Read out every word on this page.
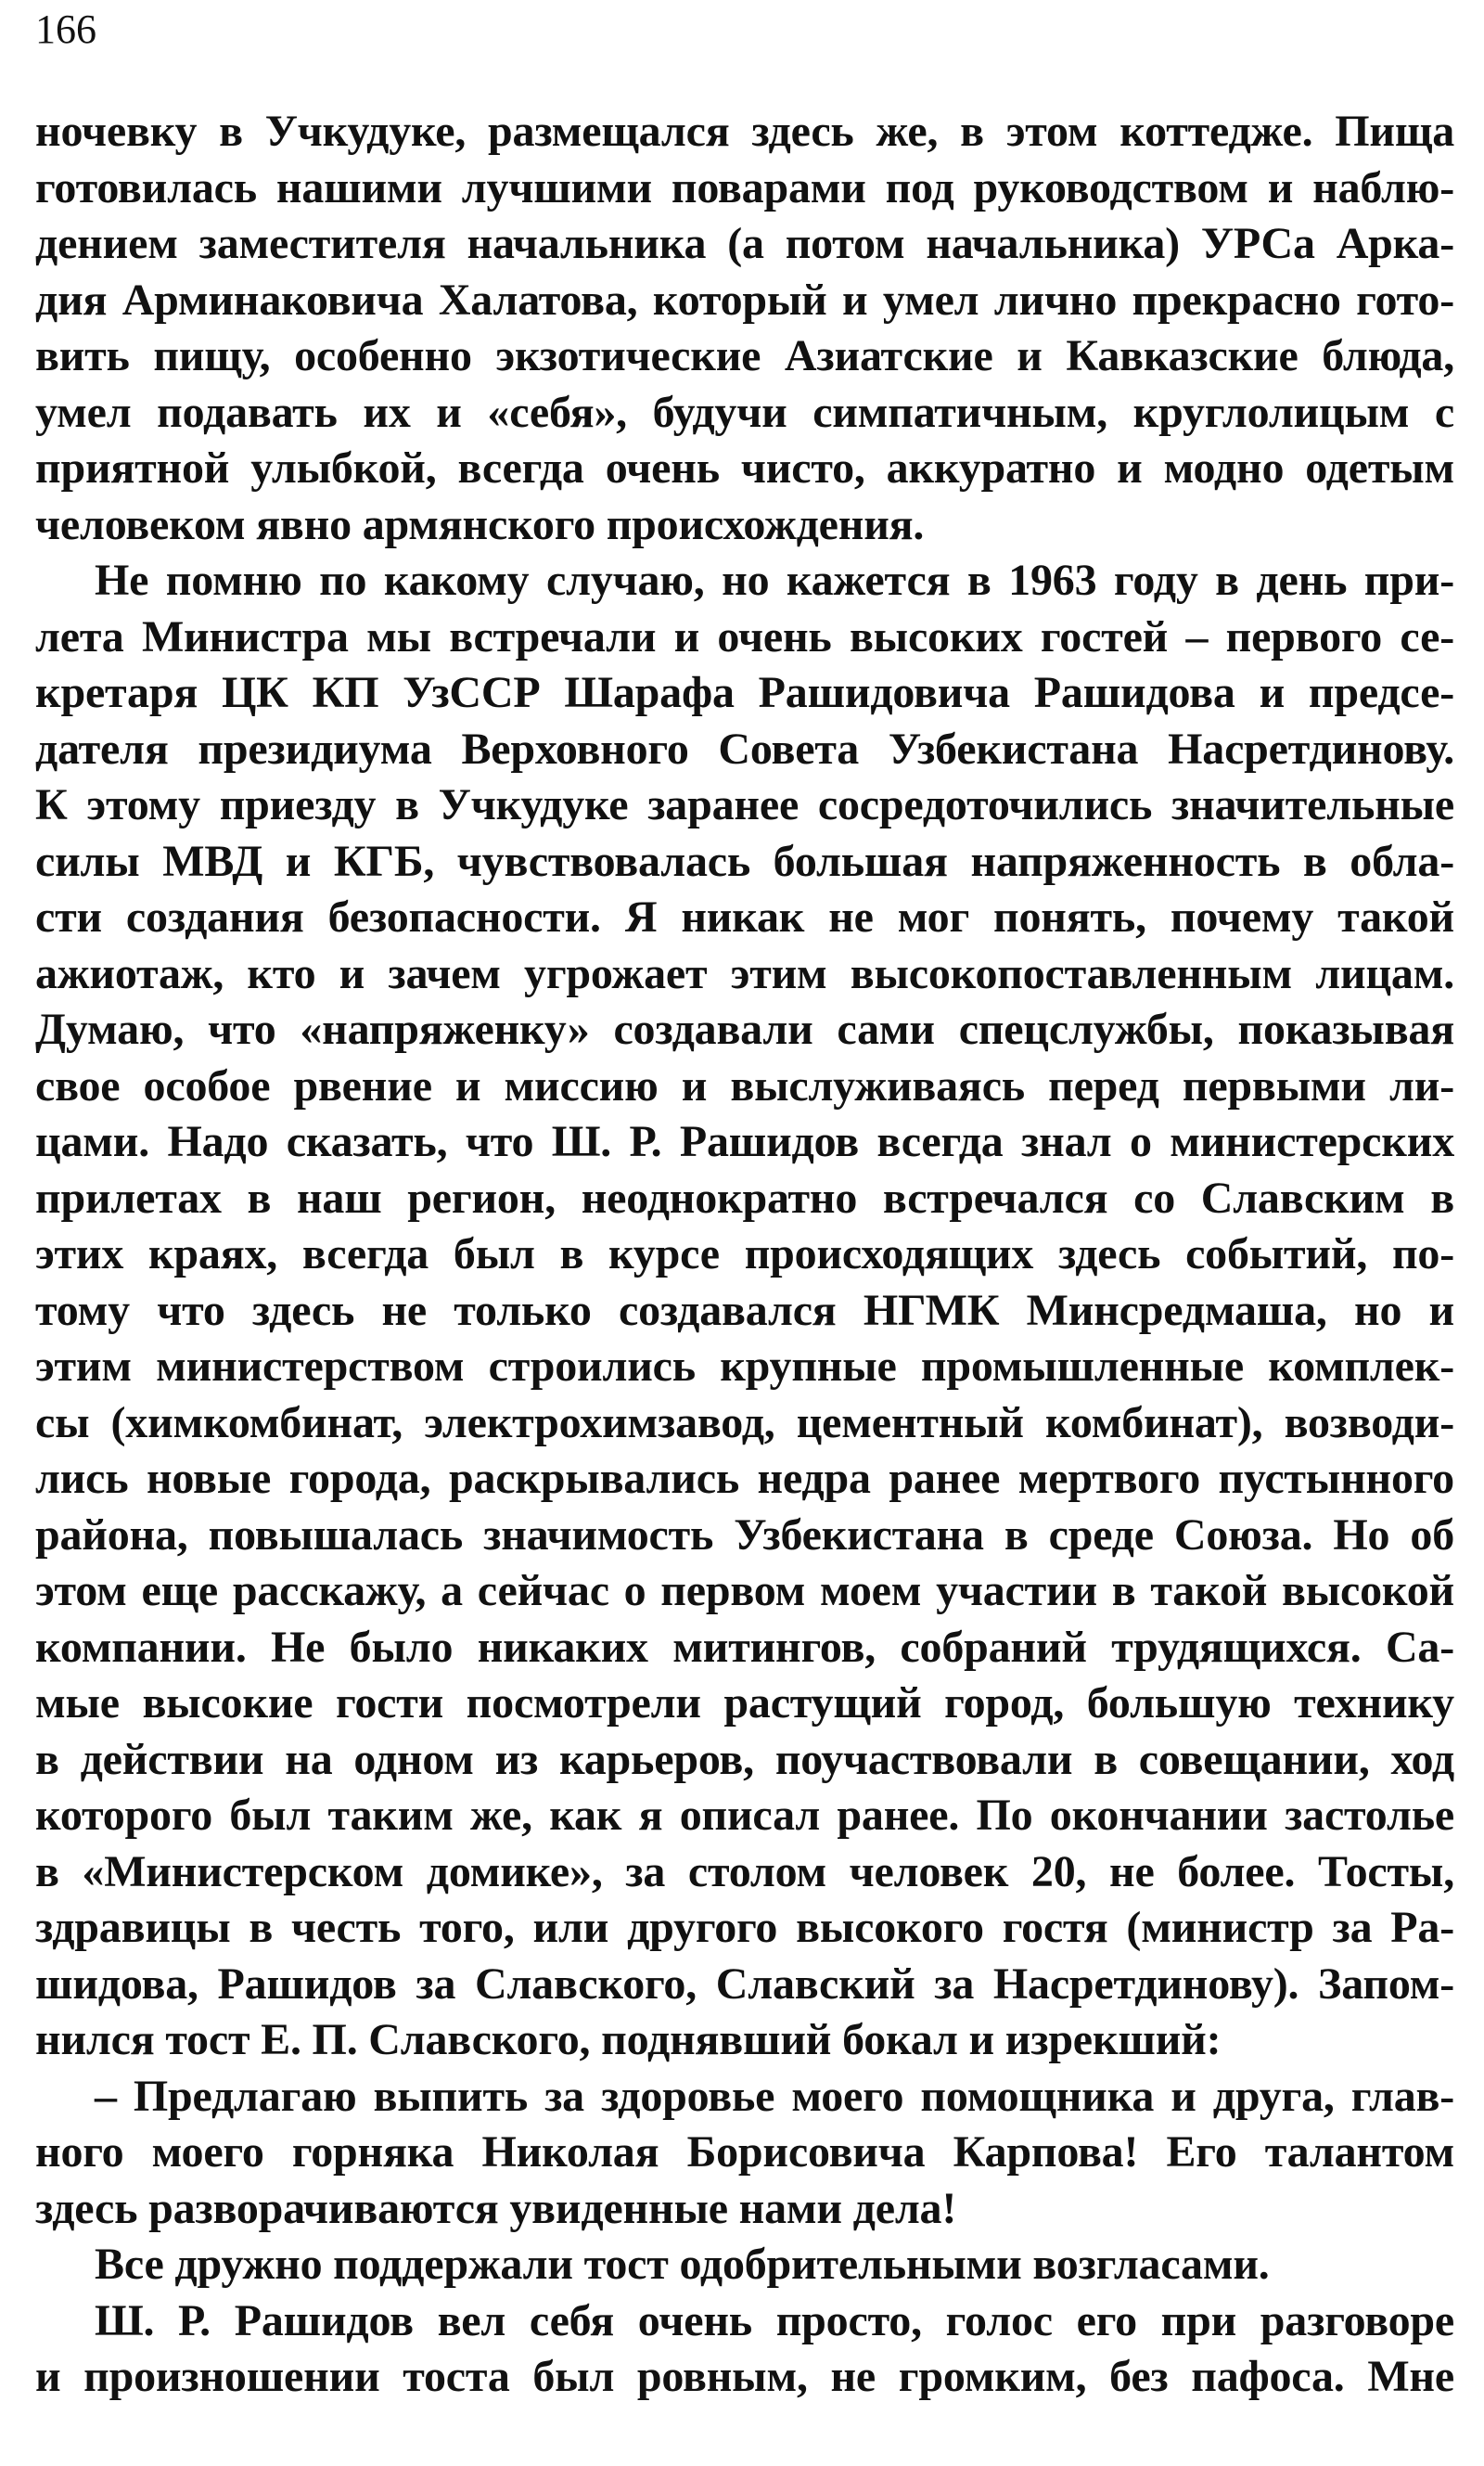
166
ночевку в Учкудуке, размещался здесь же, в этом коттедже. Пища
готовилась нашими лучшими поварами под руководством и наблю-
дением заместителя начальника (а потом начальника) УРСа Арка-
дия Арминаковича Халатова, который и умел лично прекрасно гото-
вить пищу, особенно экзотические Азиатские и Кавказские блюда,
умел подавать их и «себя», будучи симпатичным, круглолицым с
приятной улыбкой, всегда очень чисто, аккуратно и модно одетым
человеком явно армянского происхождения.
Не помню по какому случаю, но кажется в 1963 году в день при-
лета Министра мы встречали и очень высоких гостей – первого се-
кретаря ЦК КП УзССР Шарафа Рашидовича Рашидова и предсе-
дателя президиума Верховного Совета Узбекистана Насретдинову.
К этому приезду в Учкудуке заранее сосредоточились значительные
силы МВД и КГБ, чувствовалась большая напряженность в обла-
сти создания безопасности. Я никак не мог понять, почему такой
ажиотаж, кто и зачем угрожает этим высокопоставленным лицам.
Думаю, что «напряженку» создавали сами спецслужбы, показывая
свое особое рвение и миссию и выслуживаясь перед первыми ли-
цами. Надо сказать, что Ш. Р. Рашидов всегда знал о министерских
прилетах в наш регион, неоднократно встречался со Славским в
этих краях, всегда был в курсе происходящих здесь событий, по-
тому что здесь не только создавался НГМК Минсредмаша, но и
этим министерством строились крупные промышленные комплек-
сы (химкомбинат, электрохимзавод, цементный комбинат), возводи-
лись новые города, раскрывались недра ранее мертвого пустынного
района, повышалась значимость Узбекистана в среде Союза. Но об
этом еще расскажу, а сейчас о первом моем участии в такой высокой
компании. Не было никаких митингов, собраний трудящихся. Са-
мые высокие гости посмотрели растущий город, большую технику
в действии на одном из карьеров, поучаствовали в совещании, ход
которого был таким же, как я описал ранее. По окончании застолье
в «Министерском домике», за столом человек 20, не более. Тосты,
здравицы в честь того, или другого высокого гостя (министр за Ра-
шидова, Рашидов за Славского, Славский за Насретдинову). Запом-
нился тост Е. П. Славского, поднявший бокал и изрекший:
– Предлагаю выпить за здоровье моего помощника и друга, глав-
ного моего горняка Николая Борисовича Карпова! Его талантом
здесь разворачиваются увиденные нами дела!
Все дружно поддержали тост одобрительными возгласами.
Ш. Р. Рашидов вел себя очень просто, голос его при разговоре
и произношении тоста был ровным, не громким, без пафоса. Мне
